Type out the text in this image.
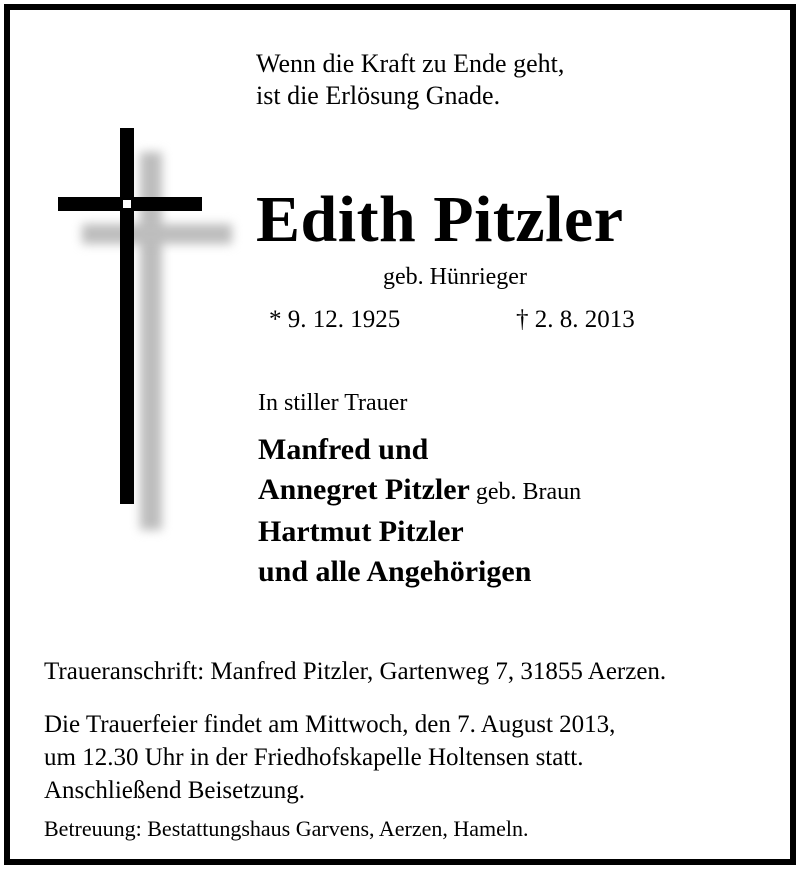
Wenn die Kraft zu Ende geht,
ist die Erlösung Gnade.
Edith Pitzler
geb. Hünrieger
* 9. 12. 1925	† 2. 8. 2013
In stiller Trauer
Manfred und
Annegret Pitzler geb. Braun
Hartmut Pitzler
und alle Angehörigen
Traueranschrift: Manfred Pitzler, Gartenweg 7, 31855 Aerzen.
Die Trauerfeier findet am Mittwoch, den 7. August 2013,
um 12.30 Uhr in der Friedhofskapelle Holtensen statt.
Anschließend Beisetzung.
Betreuung: Bestattungshaus Garvens, Aerzen, Hameln.
